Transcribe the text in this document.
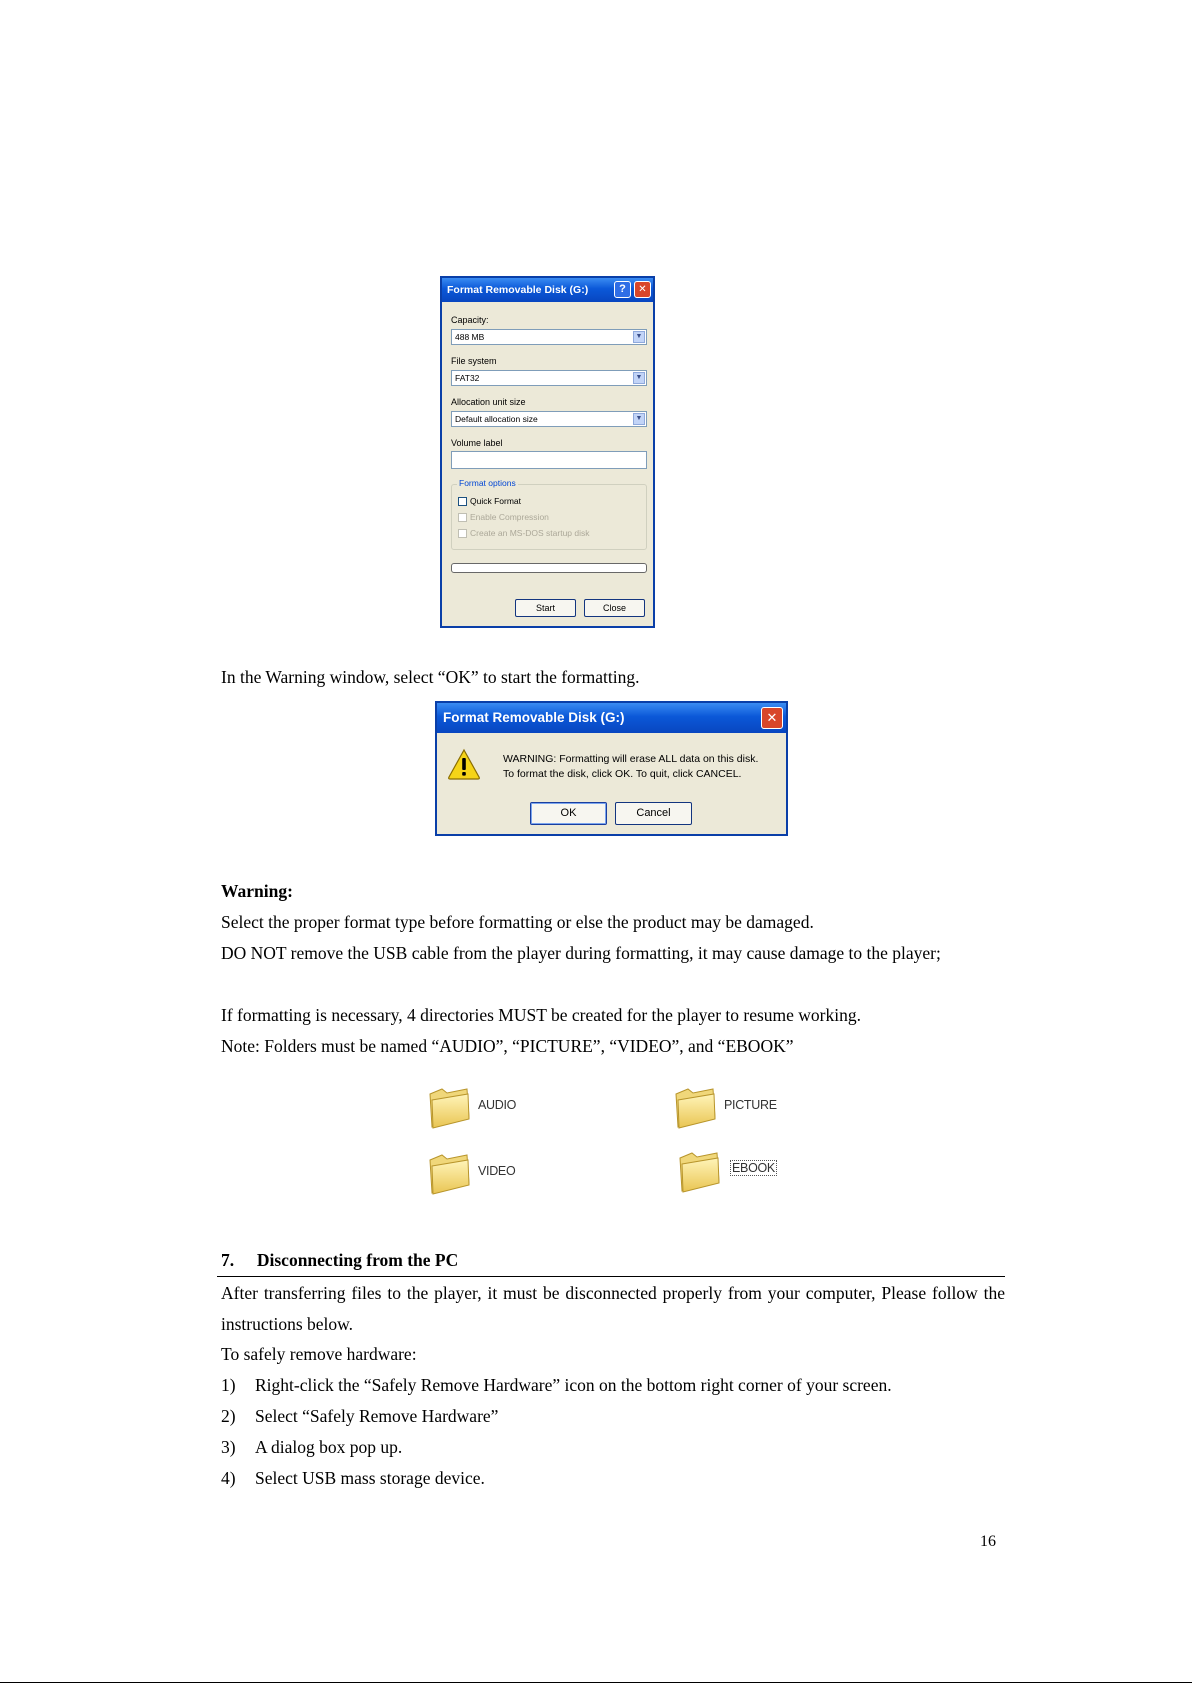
Format Removable Disk (G:)	?	✕
Capacity:
488 MB	▼
File system
FAT32	▼
Allocation unit size
Default allocation size	▼
Volume label
Format options
Quick Format
Enable Compression
Create an MS-DOS startup disk
Start	Close
In the Warning window, select “OK” to start the formatting.
Format Removable Disk (G:)	✕
WARNING: Formatting will erase ALL data on this disk.
To format the disk, click OK. To quit, click CANCEL.
OK	Cancel
Warning:
Select the proper format type before formatting or else the product may be damaged.
DO NOT remove the USB cable from the player during formatting, it may cause damage to the player;
If formatting is necessary, 4 directories MUST be created for the player to resume working.
Note: Folders must be named “AUDIO”, “PICTURE”, “VIDEO”, and “EBOOK”
AUDIO	PICTURE
VIDEO	EBOOK
7. Disconnecting from the PC
After transferring files to the player, it must be disconnected properly from your computer, Please follow the instructions below.
To safely remove hardware:
1) Right-click the “Safely Remove Hardware” icon on the bottom right corner of your screen.
2) Select “Safely Remove Hardware”
3) A dialog box pop up.
4) Select USB mass storage device.
16
